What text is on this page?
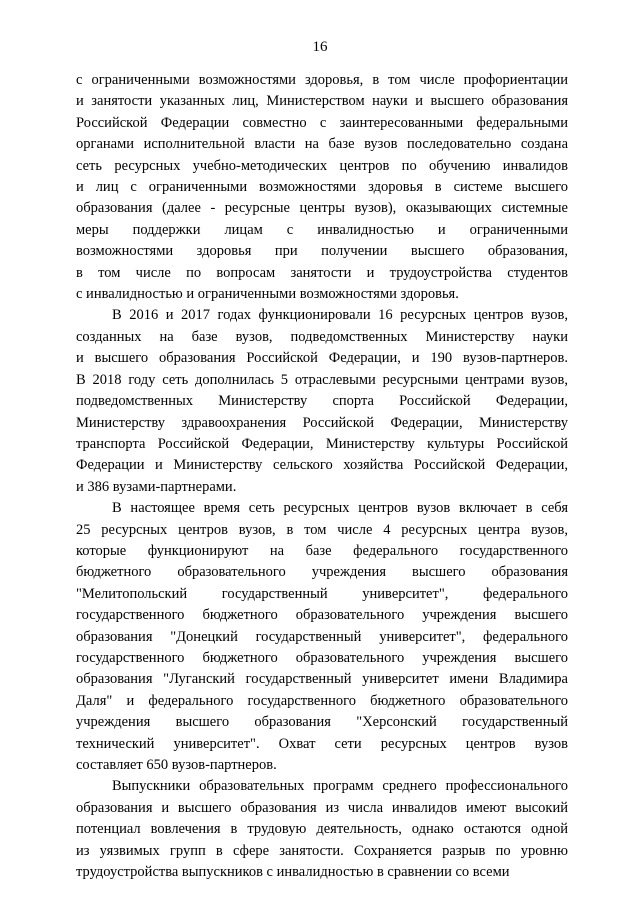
16
с ограниченными возможностями здоровья, в том числе профориентации
и занятости указанных лиц, Министерством науки и высшего образования
Российской Федерации совместно с заинтересованными федеральными
органами исполнительной власти на базе вузов последовательно создана
сеть ресурсных учебно-методических центров по обучению инвалидов
и лиц с ограниченными возможностями здоровья в системе высшего
образования (далее - ресурсные центры вузов), оказывающих системные
меры поддержки лицам с инвалидностью и ограниченными
возможностями здоровья при получении высшего образования,
в том числе по вопросам занятости и трудоустройства студентов
с инвалидностью и ограниченными возможностями здоровья.
В 2016 и 2017 годах функционировали 16 ресурсных центров вузов,
созданных на базе вузов, подведомственных Министерству науки
и высшего образования Российской Федерации, и 190 вузов-партнеров.
В 2018 году сеть дополнилась 5 отраслевыми ресурсными центрами вузов,
подведомственных Министерству спорта Российской Федерации,
Министерству здравоохранения Российской Федерации, Министерству
транспорта Российской Федерации, Министерству культуры Российской
Федерации и Министерству сельского хозяйства Российской Федерации,
и 386 вузами-партнерами.
В настоящее время сеть ресурсных центров вузов включает в себя
25 ресурсных центров вузов, в том числе 4 ресурсных центра вузов,
которые функционируют на базе федерального государственного
бюджетного образовательного учреждения высшего образования
"Мелитопольский государственный университет", федерального
государственного бюджетного образовательного учреждения высшего
образования "Донецкий государственный университет", федерального
государственного бюджетного образовательного учреждения высшего
образования "Луганский государственный университет имени Владимира
Даля" и федерального государственного бюджетного образовательного
учреждения высшего образования "Херсонский государственный
технический университет". Охват сети ресурсных центров вузов
составляет 650 вузов-партнеров.
Выпускники образовательных программ среднего профессионального
образования и высшего образования из числа инвалидов имеют высокий
потенциал вовлечения в трудовую деятельность, однако остаются одной
из уязвимых групп в сфере занятости. Сохраняется разрыв по уровню
трудоустройства выпускников с инвалидностью в сравнении со всеми
